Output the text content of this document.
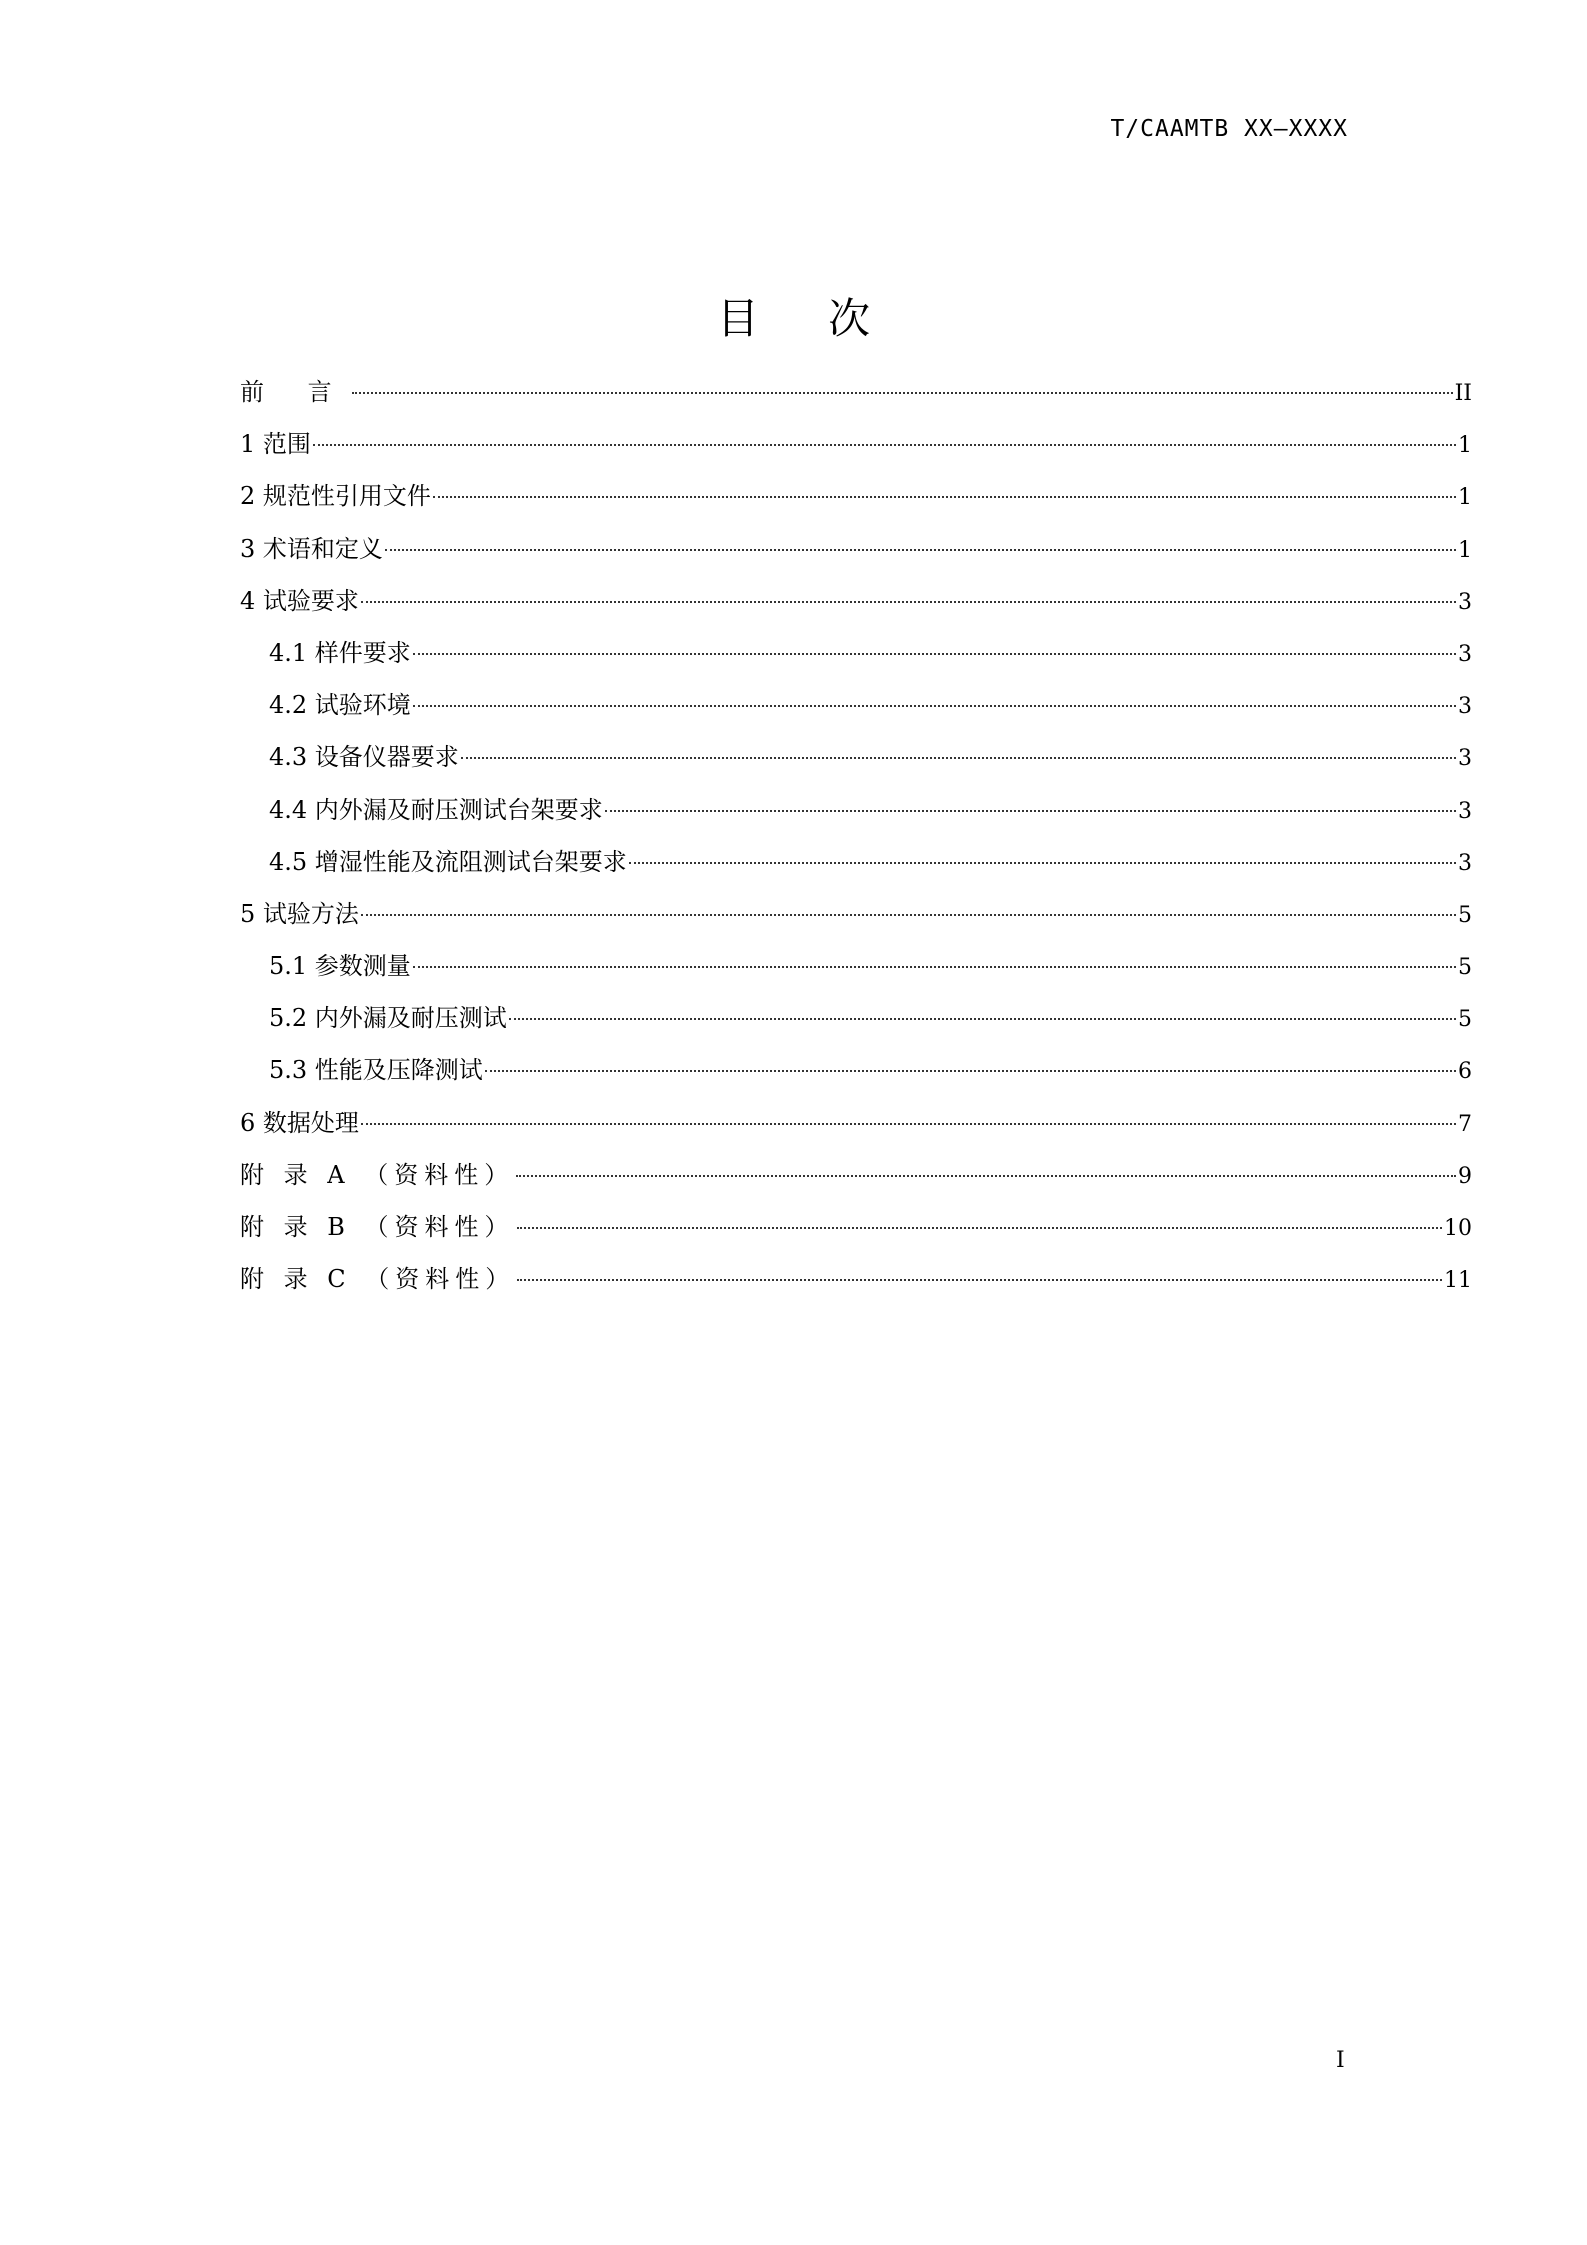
T/CAAMTB XX—XXXX
目 次
前 言	II
1 范围	1
2 规范性引用文件	1
3 术语和定义	1
4 试验要求	3
4.1 样件要求	3
4.2 试验环境	3
4.3 设备仪器要求	3
4.4 内外漏及耐压测试台架要求	3
4.5 增湿性能及流阻测试台架要求	3
5 试验方法	5
5.1 参数测量	5
5.2 内外漏及耐压测试	5
5.3 性能及压降测试	6
6 数据处理	7
附 录 A （资料性）	9
附 录 B （资料性）	10
附 录 C （资料性）	11
I
